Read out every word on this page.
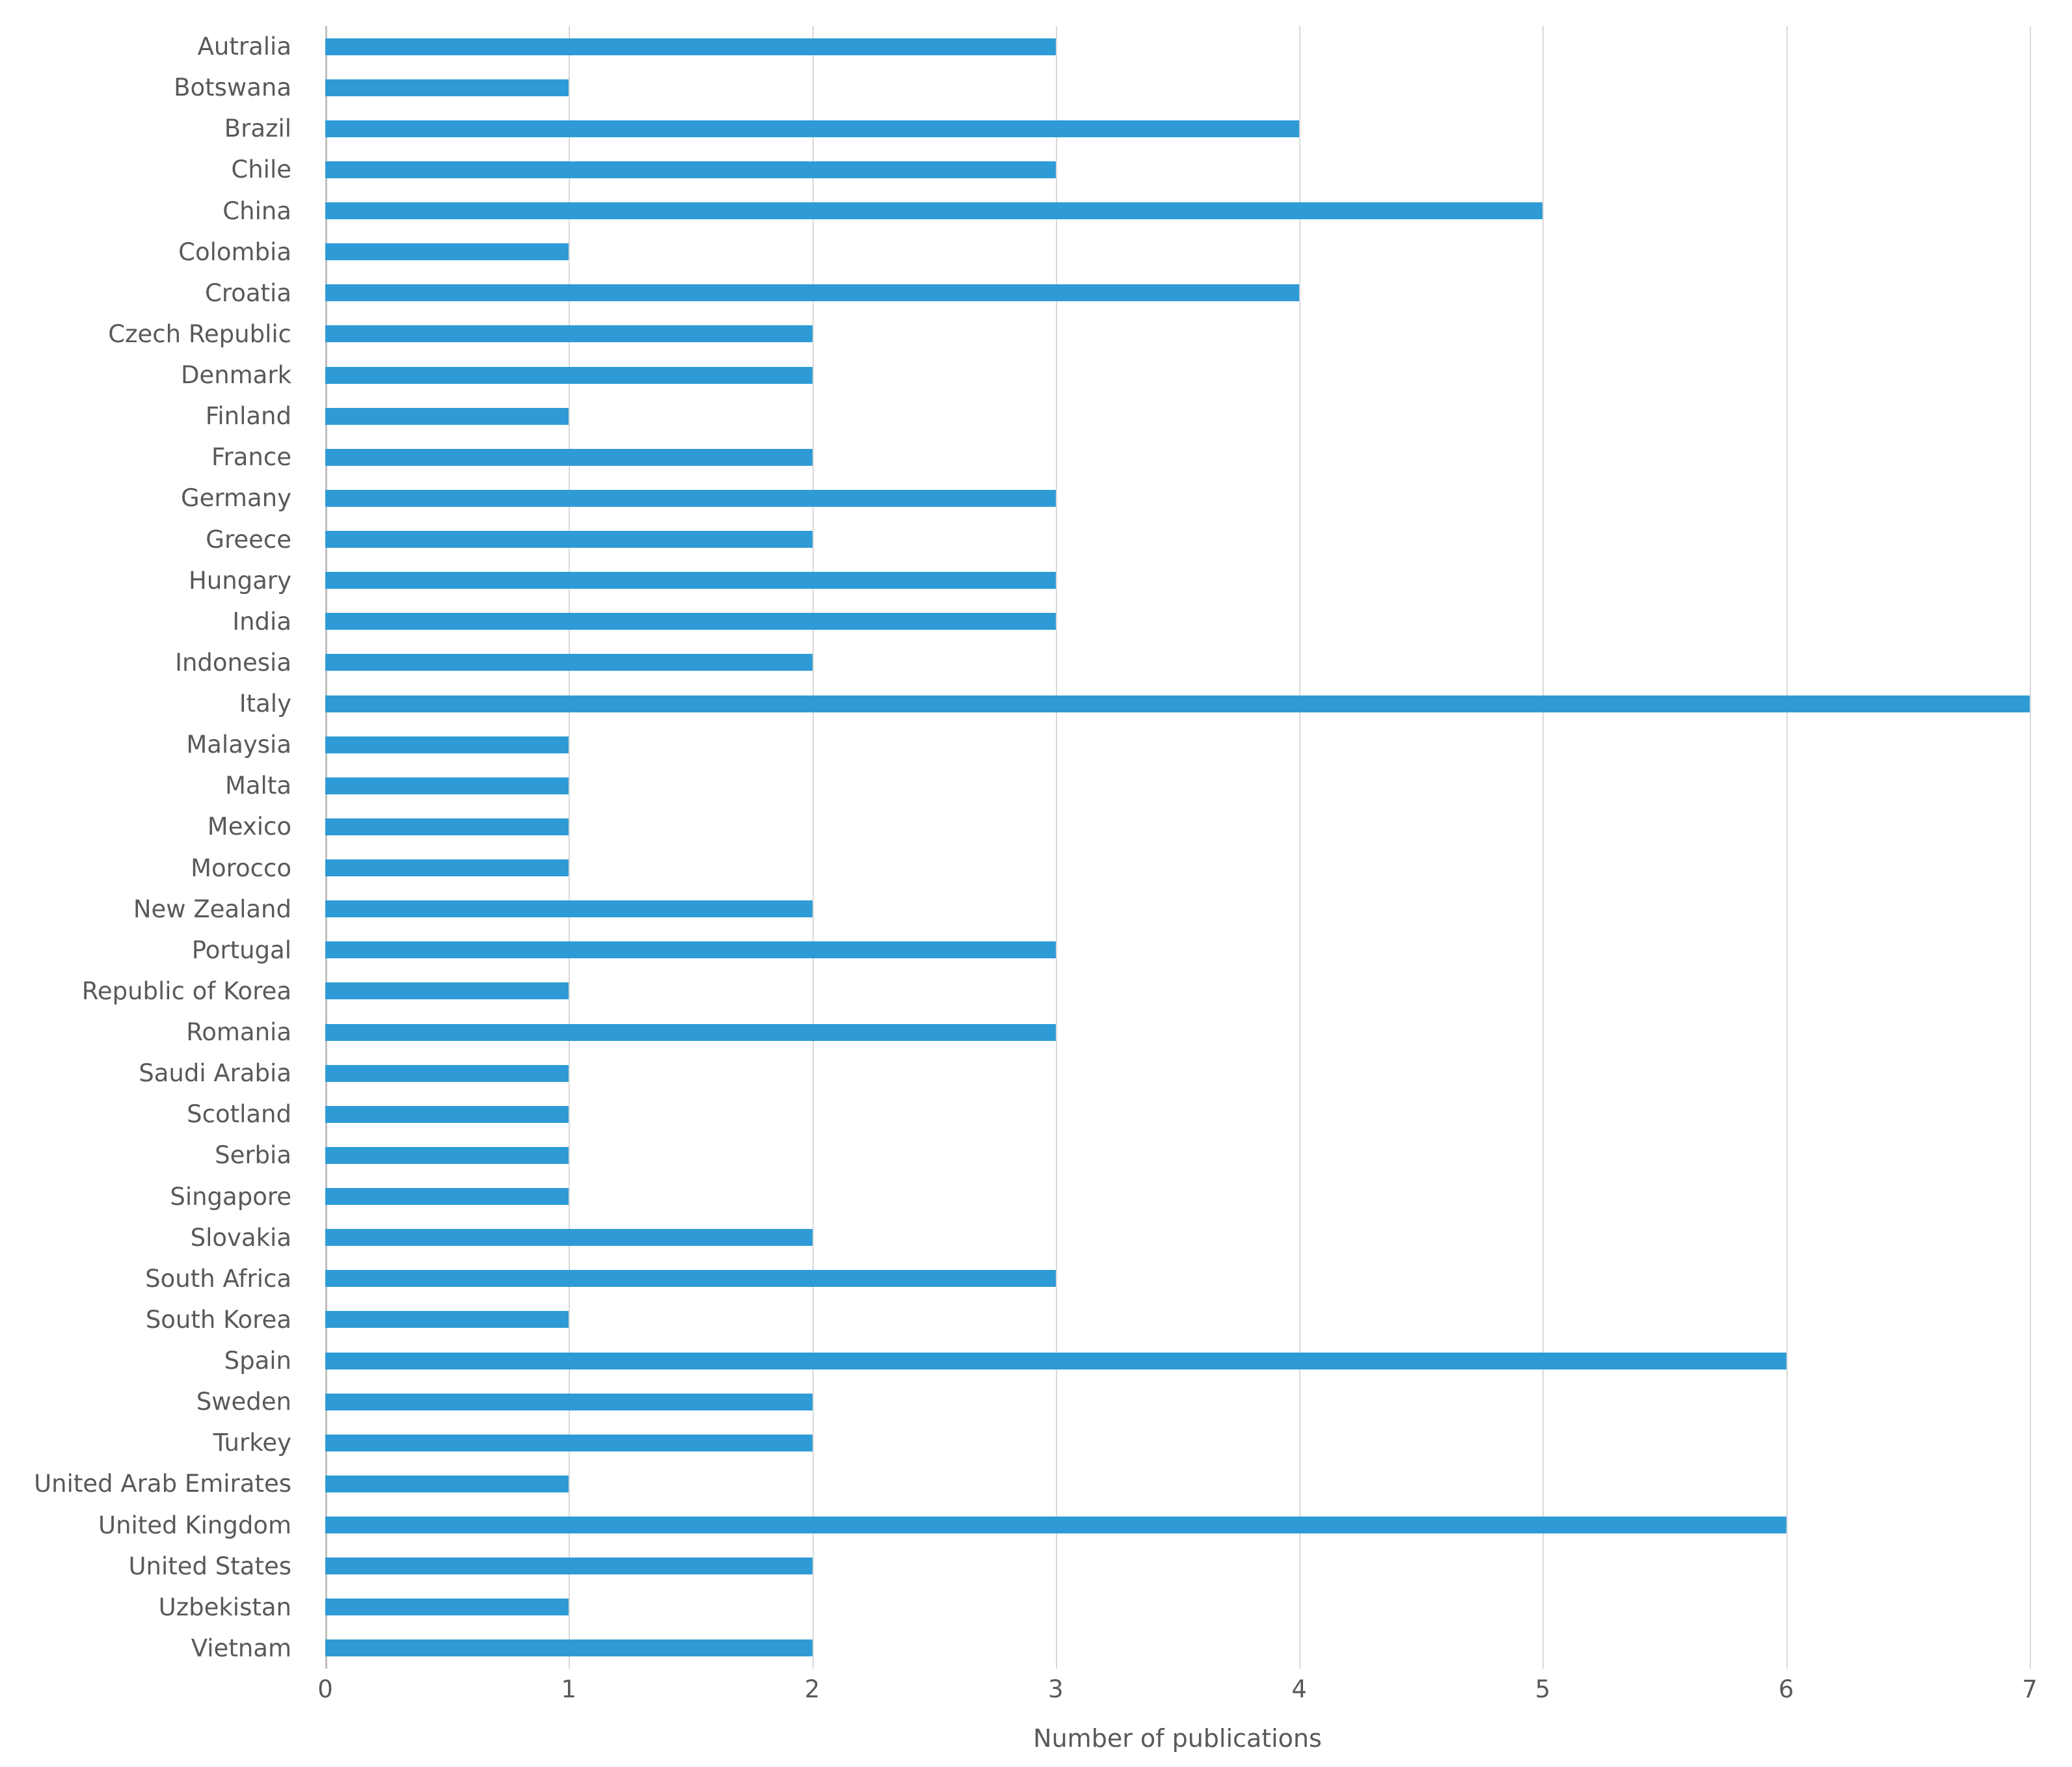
Autralia
Botswana
Brazil
Chile
China
Colombia
Croatia
Czech Republic
Denmark
Finland
France
Germany
Greece
Hungary
India
Indonesia
Italy
Malaysia
Malta
Mexico
Morocco
New Zealand
Portugal
Republic of Korea
Romania
Saudi Arabia
Scotland
Serbia
Singapore
Slovakia
South Africa
South Korea
Spain
Sweden
Turkey
United Arab Emirates
United Kingdom
United States
Uzbekistan
Vietnam
0	1	2	3	4	5	6	7
Number of publications
